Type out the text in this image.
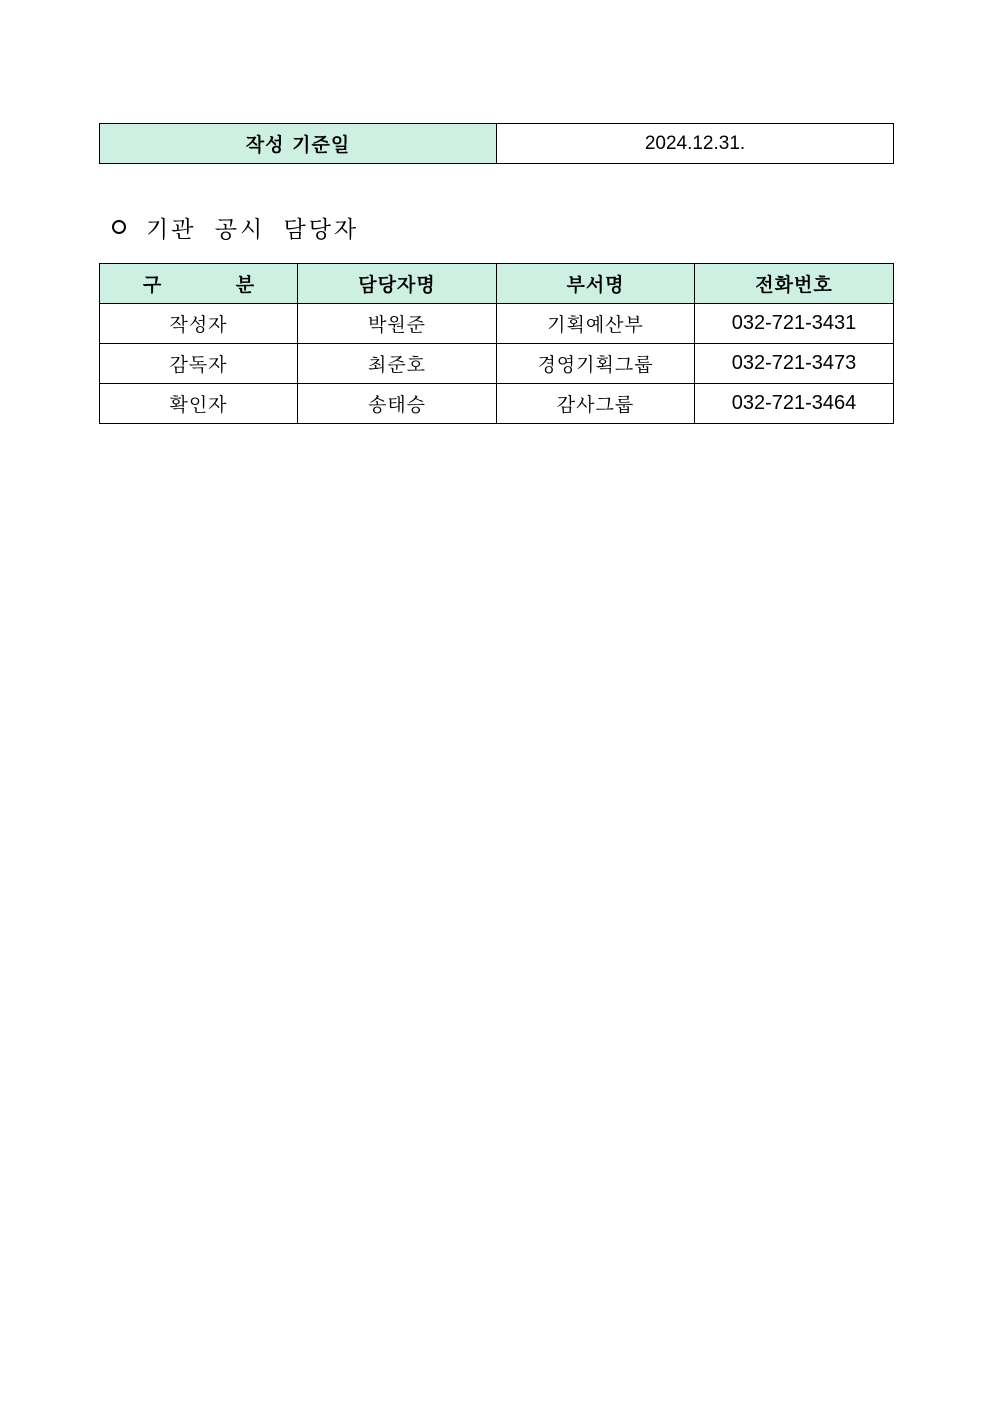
작성 기준일	2024.12.31.
기관 공시 담당자
구 분	담당자명	부서명	전화번호
작성자	박원준	기획예산부	032-721-3431
감독자	최준호	경영기획그룹	032-721-3473
확인자	송태승	감사그룹	032-721-3464
